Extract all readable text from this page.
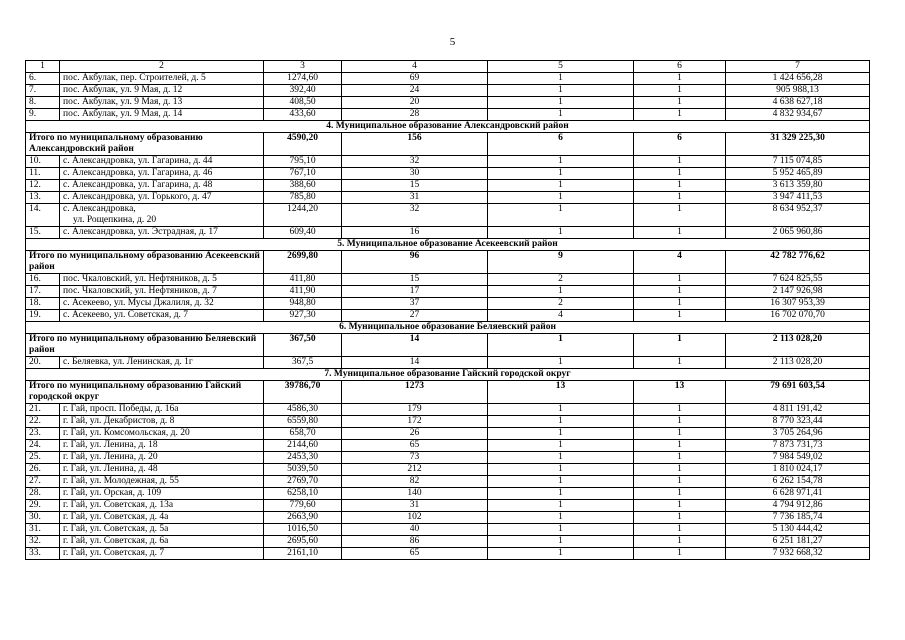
5
1	2	3	4	5	6	7
6.	пос. Акбулак, пер. Строителей, д. 5	1274,60	69	1	1	1 424 656,28
7.	пос. Акбулак, ул. 9 Мая, д. 12	392,40	24	1	1	905 988,13
8.	пос. Акбулак, ул. 9 Мая, д. 13	408,50	20	1	1	4 638 627,18
9.	пос. Акбулак, ул. 9 Мая, д. 14	433,60	28	1	1	4 832 934,67
4. Муниципальное образование Александровский район						
Итого по муниципальному образованию Александровский район		4590,20	156	6	6	31 329 225,30
10.	с. Александровка, ул. Гагарина, д. 44	795,10	32	1	1	7 115 074,85
11.	с. Александровка, ул. Гагарина, д. 46	767,10	30	1	1	5 952 465,89
12.	с. Александровка, ул. Гагарина, д. 48	388,60	15	1	1	3 613 359,80
13.	с. Александровка, ул. Горького, д. 47	785,80	31	1	1	3 947 411,53
14.	с. Александровка,
ул. Рощепкина, д. 20	1244,20	32	1	1	8 634 952,37
15.	с. Александровка, ул. Эстрадная, д. 17	609,40	16	1	1	2 065 960,86
5. Муниципальное образование Асекеевский район						
Итого по муниципальному образованию Асекеевский район		2699,80	96	9	4	42 782 776,62
16.	пос. Чкаловский, ул. Нефтяников, д. 5	411,80	15	2	1	7 624 825,55
17.	пос. Чкаловский, ул. Нефтяников, д. 7	411,90	17	1	1	2 147 926,98
18.	с. Асекеево, ул. Мусы Джалиля, д. 32	948,80	37	2	1	16 307 953,39
19.	с. Асекеево, ул. Советская, д. 7	927,30	27	4	1	16 702 070,70
6. Муниципальное образование Беляевский район						
Итого по муниципальному образованию Беляевский район		367,50	14	1	1	2 113 028,20
20.	с. Беляевка, ул. Ленинская, д. 1г	367,5	14	1	1	2 113 028,20
7. Муниципальное образование Гайский городской округ						
Итого по муниципальному образованию Гайский городской округ		39786,70	1273	13	13	79 691 603,54
21.	г. Гай, просп. Победы, д. 16а	4586,30	179	1	1	4 811 191,42
22.	г. Гай, ул. Декабристов, д. 8	6559,80	172	1	1	8 770 323,44
23.	г. Гай, ул. Комсомольская, д. 20	658,70	26	1	1	3 705 264,96
24.	г. Гай, ул. Ленина, д. 18	2144,60	65	1	1	7 873 731,73
25.	г. Гай, ул. Ленина, д. 20	2453,30	73	1	1	7 984 549,02
26.	г. Гай, ул. Ленина, д. 48	5039,50	212	1	1	1 810 024,17
27.	г. Гай, ул. Молодежная, д. 55	2769,70	82	1	1	6 262 154,78
28.	г. Гай, ул. Орская, д. 109	6258,10	140	1	1	6 628 971,41
29.	г. Гай, ул. Советская, д. 13а	779,60	31	1	1	4 794 912,86
30.	г. Гай, ул. Советская, д. 4а	2663,90	102	1	1	7 736 185,74
31.	г. Гай, ул. Советская, д. 5а	1016,50	40	1	1	5 130 444,42
32.	г. Гай, ул. Советская, д. 6а	2695,60	86	1	1	6 251 181,27
33.	г. Гай, ул. Советская, д. 7	2161,10	65	1	1	7 932 668,32
